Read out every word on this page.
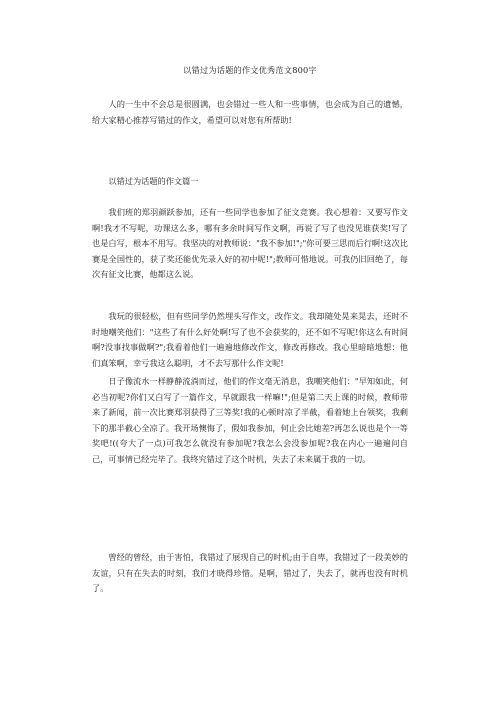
以错过为话题的作文优秀范文800字

人的一生中不会总是很圆满，也会错过一些人和一些事情，也会成为自己的遗憾，给大家精心推荐写错过的作文，希望可以对您有所帮助!

以错过为话题的作文篇一

我们班的郑羽颜跃参加，还有一些同学也参加了征文竞赛。我心想着：又要写作文啊!我才不写呢，功课这么多，哪有多余时间写作文啊，再说了写了也没见谁获奖!写了也是白写，根本不用写。我坚决的对教师说："我不参加!";"你可要三思而后行啊!这次比赛是全国性的，获了奖还能优先录入好的初中呢!";教师可惜地说。可我仍旧回绝了，每次有征文比赛，他都这么说。

我玩的很轻松，但有些同学仍然埋头写作文，改作文。我却随处晃来晃去，还时不时地嘲笑他们："这些了有什么好处啊!写了也不会获奖的，还不如不写呢!你这么有时间啊?没事找事做啊?";我看着他们一遍遍地修改作文，修改再修改。我心里暗暗地想：他们真笨啊，幸亏我这么聪明，才不去写那什么作文呢!

日子像流水一样静静流淌而过，他们的作文毫无消息，我嘲笑他们："早知如此，何必当初呢?你们又白写了一篇作文，早就跟我一样嘛!";但是第二天上课的时候，教师带来了新闻，前一次比赛郑羽获得了三等奖!我的心顿时凉了半截，看着她上台领奖，我剩下的那半截心全凉了。我开场懊悔了，假如我参加，何止会比她差?再怎么说也是个一等奖吧!((夸大了一点)可我怎么就没有参加呢?我怎么会没参加呢?我在内心一遍遍问自己，可事情已经完毕了。我终究错过了这个时机，失去了未来属于我的一切。

曾经的曾经，由于害怕，我错过了展现自己的时机;由于自卑，我错过了一段美妙的友谊，只有在失去的时刻，我们才晓得珍惜。是啊，错过了，失去了，就再也没有时机了。
